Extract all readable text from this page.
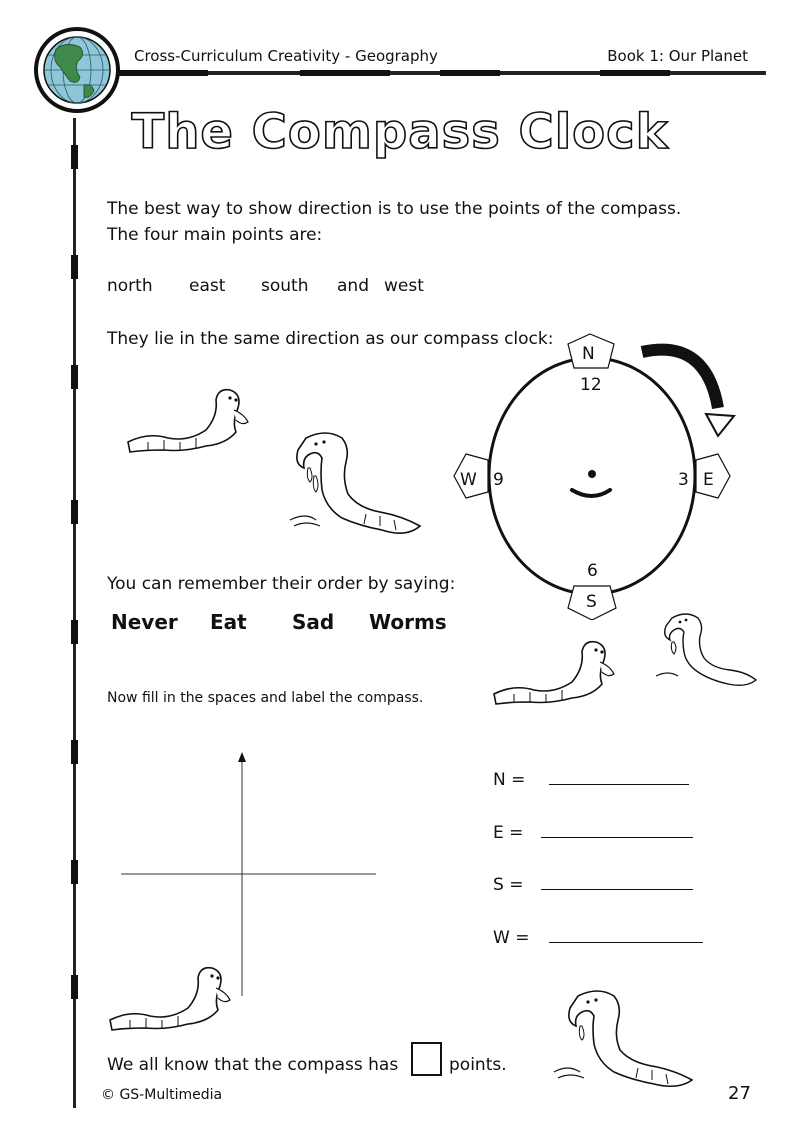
Cross-Curriculum Creativity - Geography	Book 1: Our Planet
The Compass Clock
The best way to show direction is to use the points of the compass.
The four main points are:
north east south and west
They lie in the same direction as our compass clock:
N
12
3 E
6
S
9
W
You can remember their order by saying:
Never Eat Sad Worms
Now fill in the spaces and label the compass.
N =
E =
S =
W =
We all know that the compass has	points.
© GS-Multimedia	27
